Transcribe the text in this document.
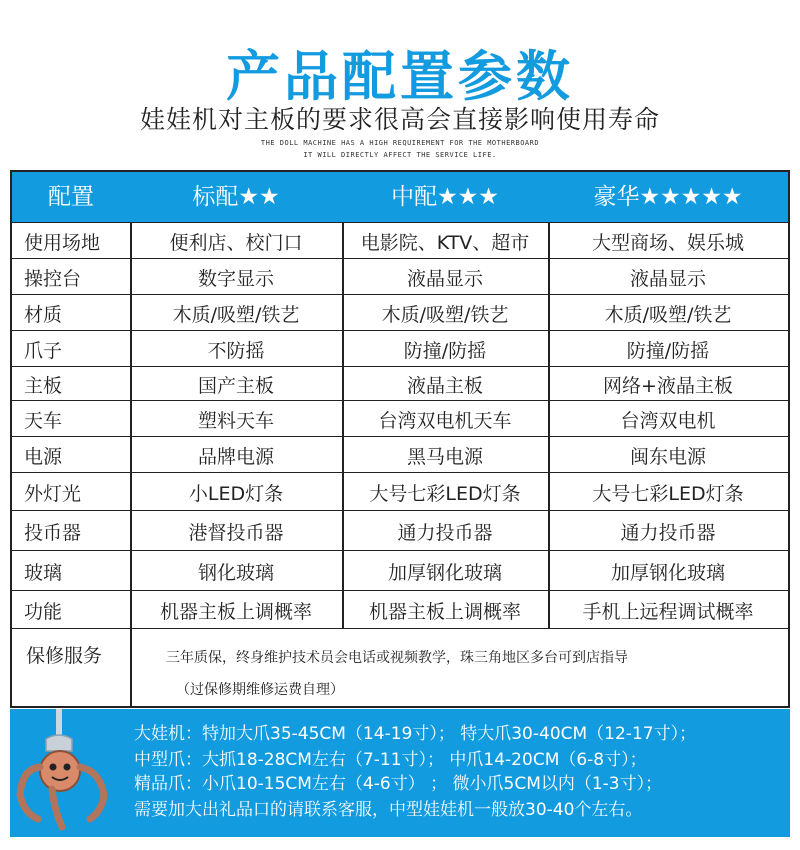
产品配置参数
娃娃机对主板的要求很高会直接影响使用寿命
THE DOLL MACHINE HAS A HIGH REQUIREMENT FOR THE MOTHERBOARD
IT WILL DIRECTLY AFFECT THE SERVICE LIFE.
配置	标配★★	中配★★★	豪华★★★★★
使用场地	便利店、校门口	电影院、KTV、超市	大型商场、娱乐城
操控台	数字显示	液晶显示	液晶显示
材质	木质/吸塑/铁艺	木质/吸塑/铁艺	木质/吸塑/铁艺
爪子	不防摇	防撞/防摇	防撞/防摇
主板	国产主板	液晶主板	网络+液晶主板
天车	塑料天车	台湾双电机天车	台湾双电机
电源	品牌电源	黑马电源	闽东电源
外灯光	小LED灯条	大号七彩LED灯条	大号七彩LED灯条
投币器	港督投币器	通力投币器	通力投币器
玻璃	钢化玻璃	加厚钢化玻璃	加厚钢化玻璃
功能	机器主板上调概率	机器主板上调概率	手机上远程调试概率
保修服务	三年质保，终身维护技术员会电话或视频教学，珠三角地区多台可到店指导
（过保修期维修运费自理）
大娃机：特加大爪35-45CM（14-19寸）； 特大爪30-40CM（12-17寸）；
中型爪：大抓18-28CM左右（7-11寸）； 中爪14-20CM（6-8寸）；
精品爪：小爪10-15CM左右（4-6寸） ； 微小爪5CM以内（1-3寸）；
需要加大出礼品口的请联系客服，中型娃娃机一般放30-40个左右。
